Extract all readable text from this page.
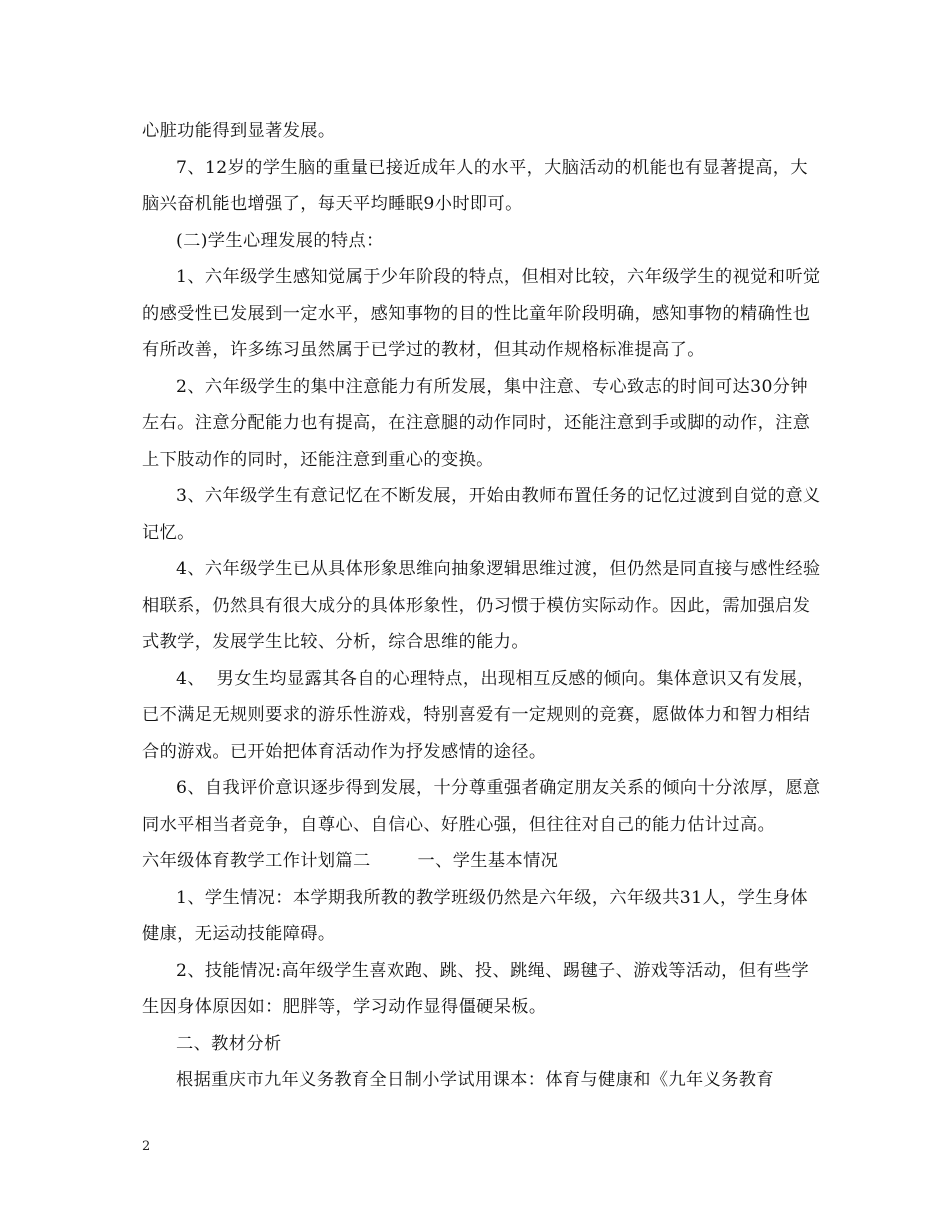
心脏功能得到显著发展。

7、12岁的学生脑的重量已接近成年人的水平，大脑活动的机能也有显著提高，大脑兴奋机能也增强了，每天平均睡眠9小时即可。

(二)学生心理发展的特点：

1、六年级学生感知觉属于少年阶段的特点，但相对比较，六年级学生的视觉和听觉的感受性已发展到一定水平，感知事物的目的性比童年阶段明确，感知事物的精确性也有所改善，许多练习虽然属于已学过的教材，但其动作规格标准提高了。

2、六年级学生的集中注意能力有所发展，集中注意、专心致志的时间可达30分钟左右。注意分配能力也有提高，在注意腿的动作同时，还能注意到手或脚的动作，注意上下肢动作的同时，还能注意到重心的变换。

3、六年级学生有意记忆在不断发展，开始由教师布置任务的记忆过渡到自觉的意义记忆。

4、六年级学生已从具体形象思维向抽象逻辑思维过渡，但仍然是同直接与感性经验相联系，仍然具有很大成分的具体形象性，仍习惯于模仿实际动作。因此，需加强启发式教学，发展学生比较、分析，综合思维的能力。

4、  男女生均显露其各自的心理特点，出现相互反感的倾向。集体意识又有发展，已不满足无规则要求的游乐性游戏，特别喜爱有一定规则的竞赛，愿做体力和智力相结合的游戏。已开始把体育活动作为抒发感情的途径。

6、自我评价意识逐步得到发展，十分尊重强者确定朋友关系的倾向十分浓厚，愿意同水平相当者竞争，自尊心、自信心、好胜心强，但往往对自己的能力估计过高。

六年级体育教学工作计划篇二        一、学生基本情况

1、学生情况：本学期我所教的教学班级仍然是六年级，六年级共31人，学生身体健康，无运动技能障碍。

2、技能情况:高年级学生喜欢跑、跳、投、跳绳、踢毽子、游戏等活动，但有些学生因身体原因如：肥胖等，学习动作显得僵硬呆板。

二、教材分析

根据重庆市九年义务教育全日制小学试用课本：体育与健康和《九年义务教育

2
